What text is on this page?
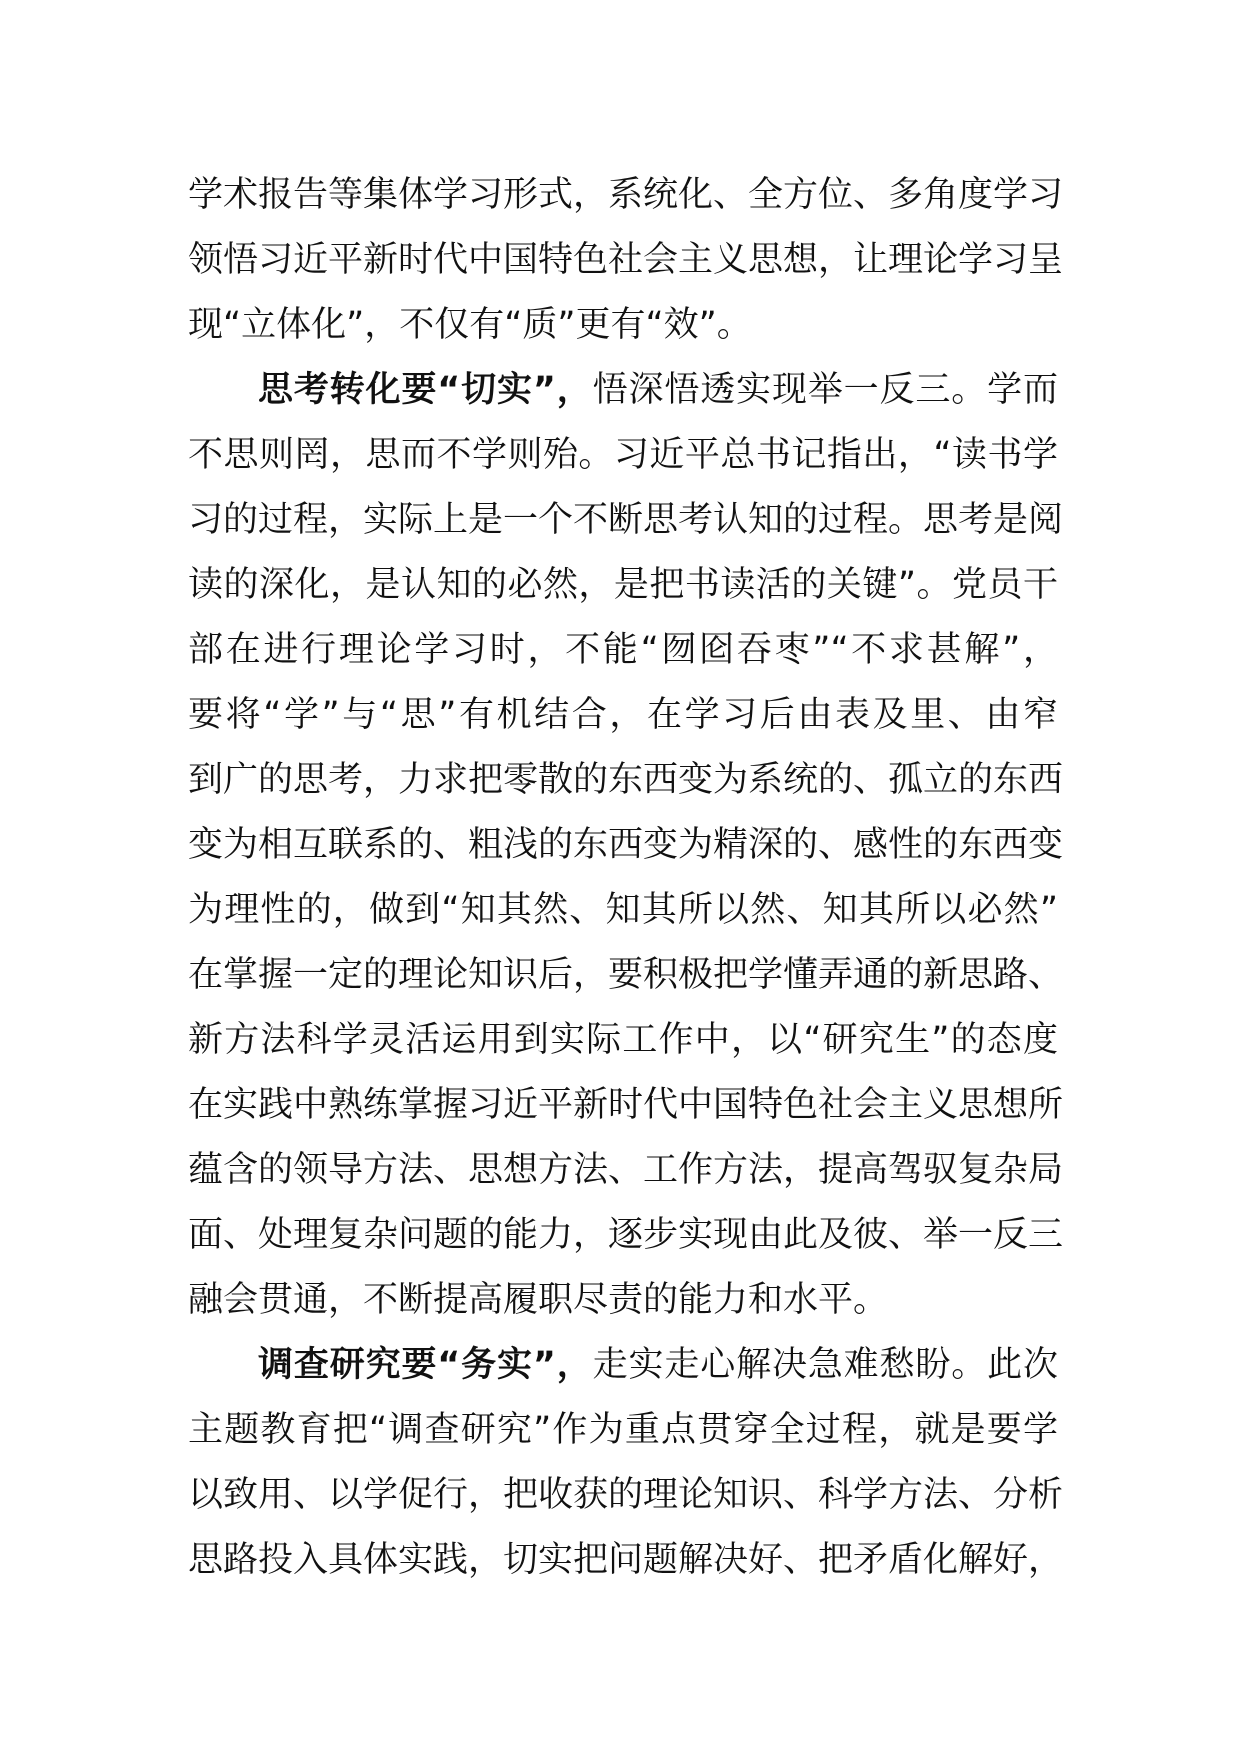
学术报告等集体学习形式，系统化、全方位、多角度学习
领悟习近平新时代中国特色社会主义思想，让理论学习呈
现“立体化”，不仅有“质”更有“效”。
思考转化要“切实”，悟深悟透实现举一反三。学而
不思则罔，思而不学则殆。习近平总书记指出，“读书学
习的过程，实际上是一个不断思考认知的过程。思考是阅
读的深化，是认知的必然，是把书读活的关键”。党员干
部在进行理论学习时，不能“囫囵吞枣”“不求甚解”，
要将“学”与“思”有机结合，在学习后由表及里、由窄
到广的思考，力求把零散的东西变为系统的、孤立的东西
变为相互联系的、粗浅的东西变为精深的、感性的东西变
为理性的，做到“知其然、知其所以然、知其所以必然”
在掌握一定的理论知识后，要积极把学懂弄通的新思路、
新方法科学灵活运用到实际工作中，以“研究生”的态度
在实践中熟练掌握习近平新时代中国特色社会主义思想所
蕴含的领导方法、思想方法、工作方法，提高驾驭复杂局
面、处理复杂问题的能力，逐步实现由此及彼、举一反三
融会贯通，不断提高履职尽责的能力和水平。
调查研究要“务实”，走实走心解决急难愁盼。此次
主题教育把“调查研究”作为重点贯穿全过程，就是要学
以致用、以学促行，把收获的理论知识、科学方法、分析
思路投入具体实践，切实把问题解决好、把矛盾化解好，
